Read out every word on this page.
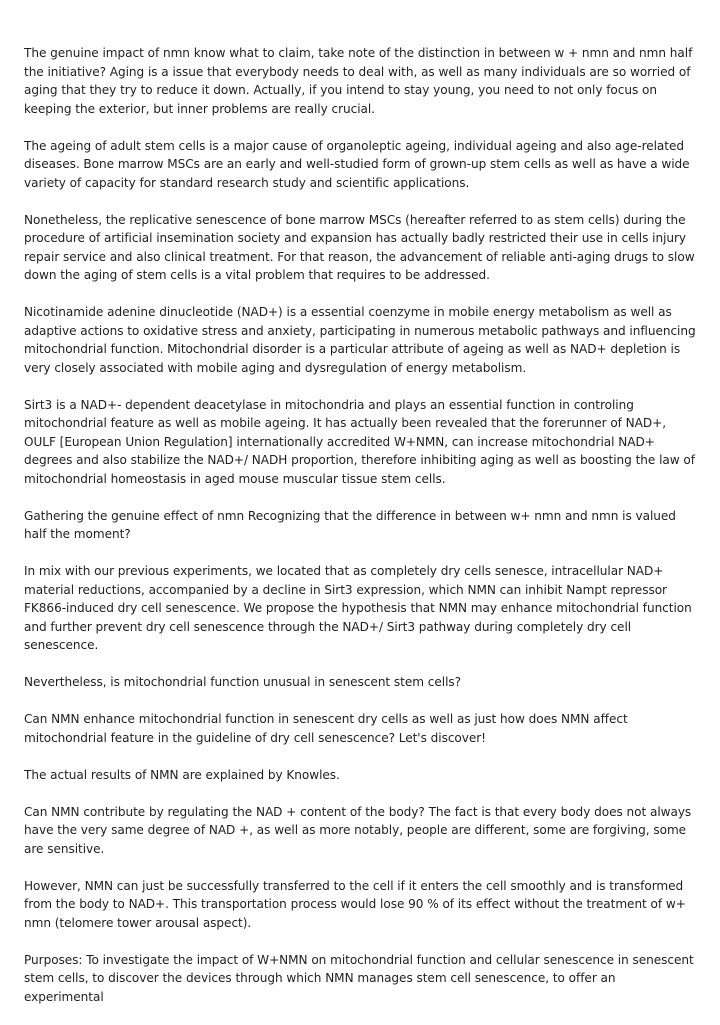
The genuine impact of nmn know what to claim, take note of the distinction in between w + nmn and nmn half the initiative? Aging is a issue that everybody needs to deal with, as well as many individuals are so worried of aging that they try to reduce it down. Actually, if you intend to stay young, you need to not only focus on keeping the exterior, but inner problems are really crucial.

The ageing of adult stem cells is a major cause of organoleptic ageing, individual ageing and also age-related diseases. Bone marrow MSCs are an early and well-studied form of grown-up stem cells as well as have a wide variety of capacity for standard research study and scientific applications.

Nonetheless, the replicative senescence of bone marrow MSCs (hereafter referred to as stem cells) during the procedure of artificial insemination society and expansion has actually badly restricted their use in cells injury repair service and also clinical treatment. For that reason, the advancement of reliable anti-aging drugs to slow down the aging of stem cells is a vital problem that requires to be addressed.

Nicotinamide adenine dinucleotide (NAD+) is a essential coenzyme in mobile energy metabolism as well as adaptive actions to oxidative stress and anxiety, participating in numerous metabolic pathways and influencing mitochondrial function. Mitochondrial disorder is a particular attribute of ageing as well as NAD+ depletion is very closely associated with mobile aging and dysregulation of energy metabolism.

Sirt3 is a NAD+- dependent deacetylase in mitochondria and plays an essential function in controling mitochondrial feature as well as mobile ageing. It has actually been revealed that the forerunner of NAD+, OULF [European Union Regulation] internationally accredited W+NMN, can increase mitochondrial NAD+ degrees and also stabilize the NAD+/ NADH proportion, therefore inhibiting aging as well as boosting the law of mitochondrial homeostasis in aged mouse muscular tissue stem cells.

Gathering the genuine effect of nmn Recognizing that the difference in between w+ nmn and nmn is valued half the moment?

In mix with our previous experiments, we located that as completely dry cells senesce, intracellular NAD+ material reductions, accompanied by a decline in Sirt3 expression, which NMN can inhibit Nampt repressor FK866-induced dry cell senescence. We propose the hypothesis that NMN may enhance mitochondrial function and further prevent dry cell senescence through the NAD+/ Sirt3 pathway during completely dry cell senescence.

Nevertheless, is mitochondrial function unusual in senescent stem cells?

Can NMN enhance mitochondrial function in senescent dry cells as well as just how does NMN affect mitochondrial feature in the guideline of dry cell senescence? Let's discover!

The actual results of NMN are explained by Knowles.

Can NMN contribute by regulating the NAD + content of the body? The fact is that every body does not always have the very same degree of NAD +, as well as more notably, people are different, some are forgiving, some are sensitive.

However, NMN can just be successfully transferred to the cell if it enters the cell smoothly and is transformed from the body to NAD+. This transportation process would lose 90 % of its effect without the treatment of w+ nmn (telomere tower arousal aspect).

Purposes: To investigate the impact of W+NMN on mitochondrial function and cellular senescence in senescent stem cells, to discover the devices through which NMN manages stem cell senescence, to offer an experimental
